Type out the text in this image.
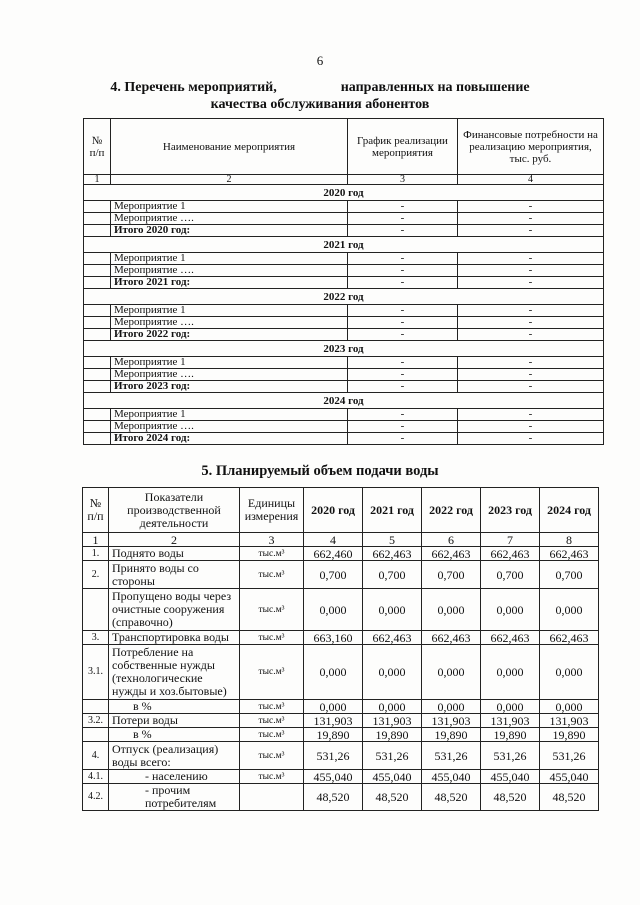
6
4. Перечень мероприятий,	направленных на повышение
качества обслуживания абонентов
№ п/п	Наименование мероприятия	График реализации мероприятия	Финансовые потребности на реализацию мероприятия, тыс. руб.
1	2	3	4
2020 год			
	Мероприятие 1	-	-
	Мероприятие ….	-	-
	Итого 2020 год:	-	-
2021 год			
	Мероприятие 1	-	-
	Мероприятие ….	-	-
	Итого 2021 год:	-	-
2022 год			
	Мероприятие 1	-	-
	Мероприятие ….	-	-
	Итого 2022 год:	-	-
2023 год			
	Мероприятие 1	-	-
	Мероприятие ….	-	-
	Итого 2023 год:	-	-
2024 год			
	Мероприятие 1	-	-
	Мероприятие ….	-	-
	Итого 2024 год:	-	-
5. Планируемый объем подачи воды
№ п/п	Показатели производственной деятельности	Единицы измерения	2020 год	2021 год	2022 год	2023 год	2024 год
1	2	3	4	5	6	7	8
1.	Поднято воды	тыс.м³	662,460	662,463	662,463	662,463	662,463
2.	Принято воды со стороны	тыс.м³	0,700	0,700	0,700	0,700	0,700
	Пропущено воды через очистные сооружения (справочно)	тыс.м³	0,000	0,000	0,000	0,000	0,000
3.	Транспортировка воды	тыс.м³	663,160	662,463	662,463	662,463	662,463
3.1.	Потребление на собственные нужды (технологические нужды и хоз.бытовые)	тыс.м³	0,000	0,000	0,000	0,000	0,000
	в %	тыс.м³	0,000	0,000	0,000	0,000	0,000
3.2.	Потери воды	тыс.м³	131,903	131,903	131,903	131,903	131,903
	в %	тыс.м³	19,890	19,890	19,890	19,890	19,890
4.	Отпуск (реализация) воды всего:	тыс.м³	531,26	531,26	531,26	531,26	531,26
4.1.	- населению	тыс.м³	455,040	455,040	455,040	455,040	455,040
4.2.	- прочим потребителям		48,520	48,520	48,520	48,520	48,520
